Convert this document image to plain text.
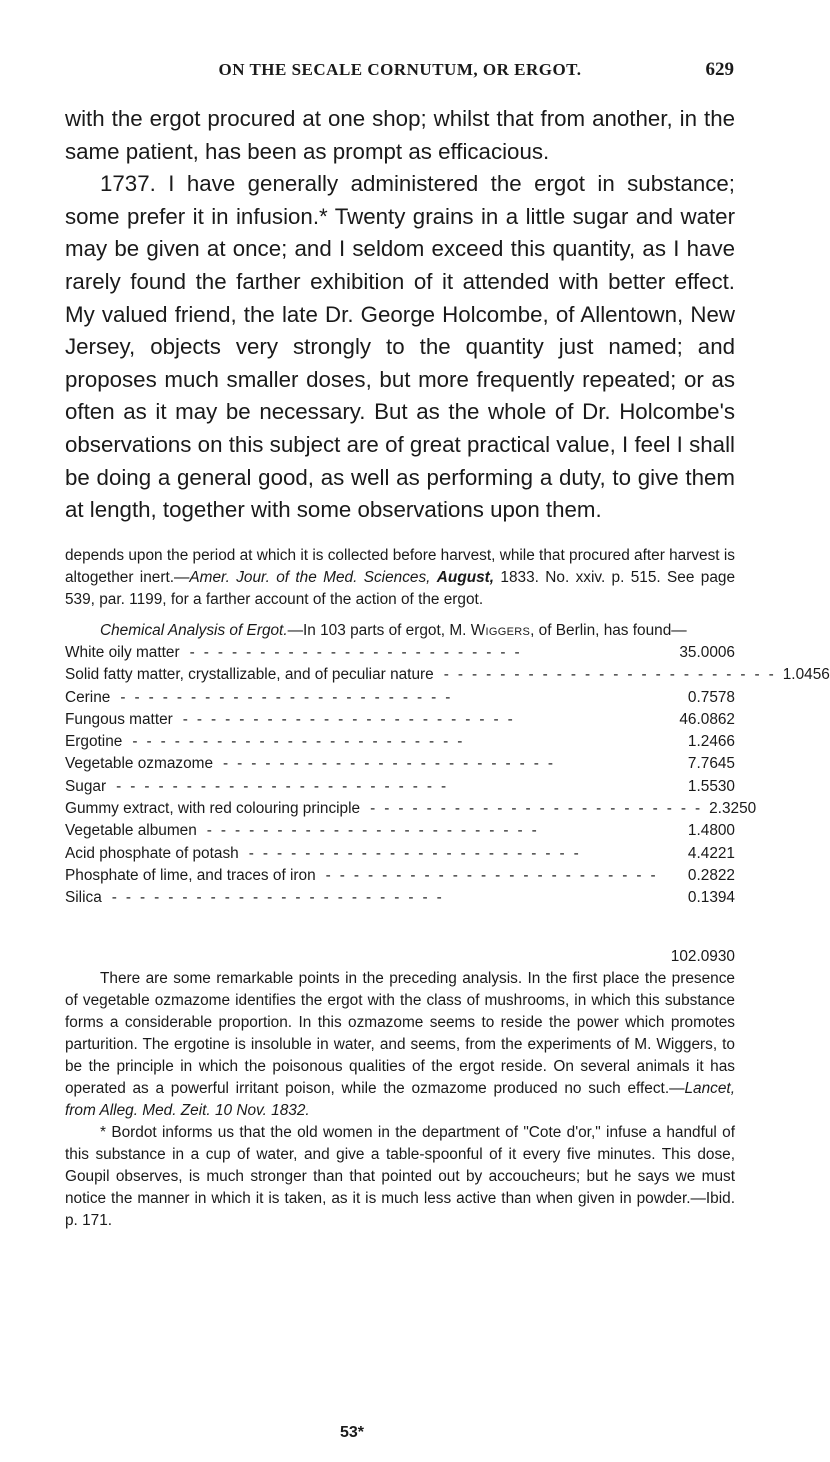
ON THE SECALE CORNUTUM, OR ERGOT.	629

with the ergot procured at one shop; whilst that from another, in the same patient, has been as prompt as efficacious.

1737. I have generally administered the ergot in substance; some prefer it in infusion.* Twenty grains in a little sugar and water may be given at once; and I seldom exceed this quantity, as I have rarely found the farther exhibition of it attended with better effect. My valued friend, the late Dr. George Holcombe, of Allentown, New Jersey, objects very strongly to the quantity just named; and proposes much smaller doses, but more frequently repeated; or as often as it may be necessary. But as the whole of Dr. Holcombe's observations on this subject are of great practical value, I feel I shall be doing a general good, as well as performing a duty, to give them at length, together with some observations upon them.

depends upon the period at which it is collected before harvest, while that procured after harvest is altogether inert.—Amer. Jour. of the Med. Sciences, August, 1833. No. xxiv. p. 515. See page 539, par. 1199, for a farther account of the action of the ergot.

Chemical Analysis of Ergot.—In 103 parts of ergot, M. Wiggers, of Berlin, has found—

White oily matter ------------------------	35.0006
Solid fatty matter, crystallizable, and of peculiar nature ------------------------ 1.0456
Cerine ------------------------	0.7578
Fungous matter ------------------------	46.0862
Ergotine ------------------------	1.2466
Vegetable ozmazome ------------------------	7.7645
Sugar ------------------------	1.5530
Gummy extract, with red colouring principle ------------------------ 2.3250
Vegetable albumen ------------------------	1.4800
Acid phosphate of potash ------------------------	4.4221
Phosphate of lime, and traces of iron ------------------------	0.2822
Silica ------------------------	0.1394
102.0930

There are some remarkable points in the preceding analysis. In the first place the presence of vegetable ozmazome identifies the ergot with the class of mushrooms, in which this substance forms a considerable proportion. In this ozmazome seems to reside the power which promotes parturition. The ergotine is insoluble in water, and seems, from the experiments of M. Wiggers, to be the principle in which the poisonous qualities of the ergot reside. On several animals it has operated as a powerful irritant poison, while the ozmazome produced no such effect.—Lancet, from Alleg. Med. Zeit. 10 Nov. 1832.

* Bordot informs us that the old women in the department of "Cote d'or," infuse a handful of this substance in a cup of water, and give a table-spoonful of it every five minutes. This dose, Goupil observes, is much stronger than that pointed out by accoucheurs; but he says we must notice the manner in which it is taken, as it is much less active than when given in powder.—Ibid. p. 171.

53*
